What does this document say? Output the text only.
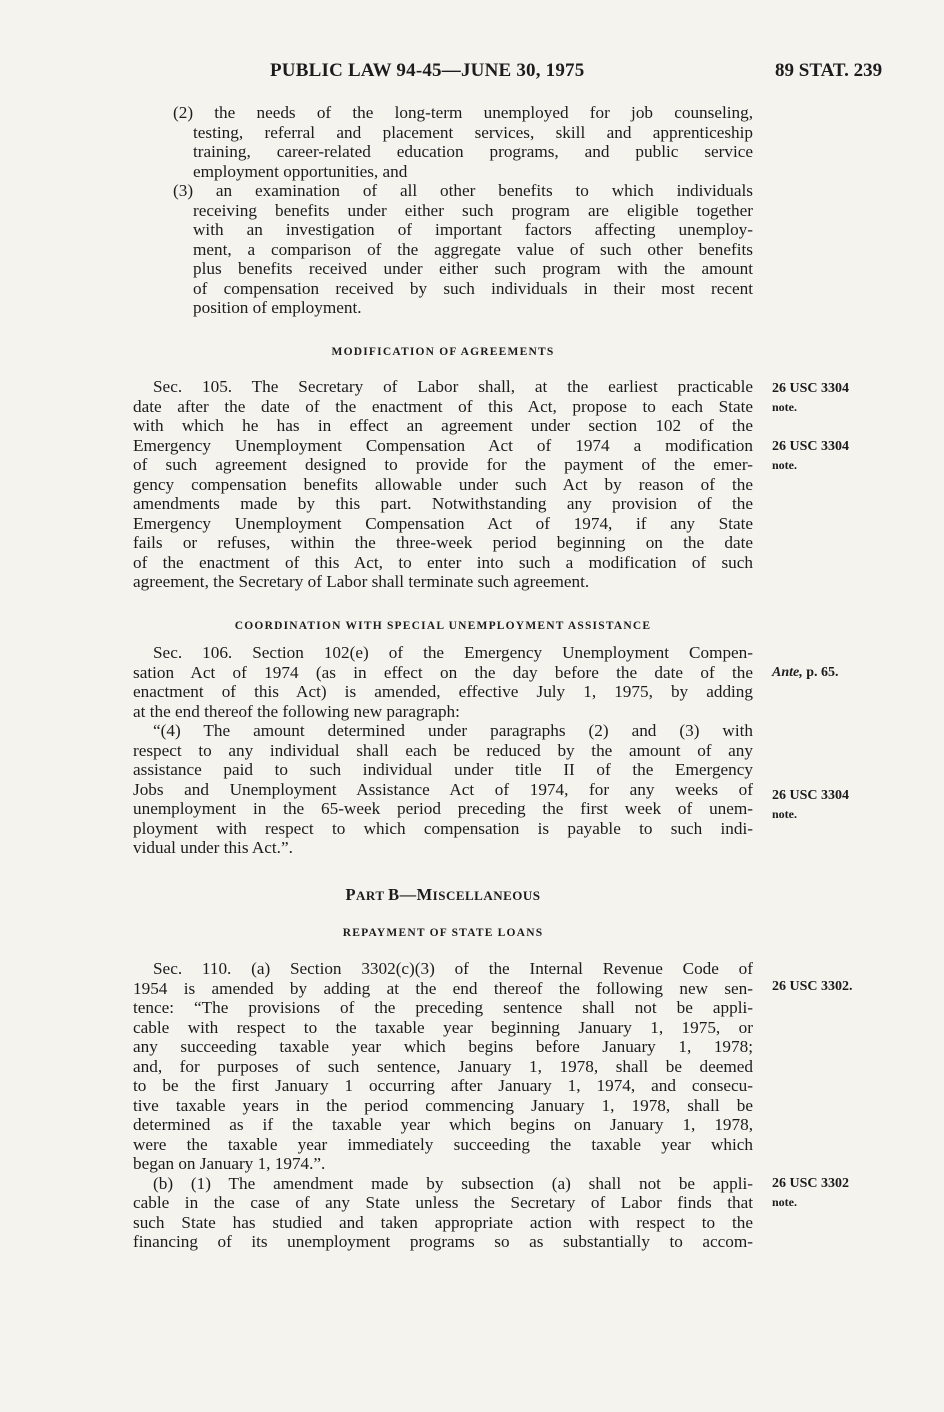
PUBLIC LAW 94-45—JUNE 30, 1975	89 STAT. 239
(2) the needs of the long-term unemployed for job counseling,
testing, referral and placement services, skill and apprenticeship
training, career-related education programs, and public service
employment opportunities, and
(3) an examination of all other benefits to which individuals
receiving benefits under either such program are eligible together
with an investigation of important factors affecting unemploy-
ment, a comparison of the aggregate value of such other benefits
plus benefits received under either such program with the amount
of compensation received by such individuals in their most recent
position of employment.
MODIFICATION OF AGREEMENTS
Sec. 105. The Secretary of Labor shall, at the earliest practicable
date after the date of the enactment of this Act, propose to each State
with which he has in effect an agreement under section 102 of the
Emergency Unemployment Compensation Act of 1974 a modification
of such agreement designed to provide for the payment of the emer-
gency compensation benefits allowable under such Act by reason of the
amendments made by this part. Notwithstanding any provision of the
Emergency Unemployment Compensation Act of 1974, if any State
fails or refuses, within the three-week period beginning on the date
of the enactment of this Act, to enter into such a modification of such
agreement, the Secretary of Labor shall terminate such agreement.
COORDINATION WITH SPECIAL UNEMPLOYMENT ASSISTANCE
Sec. 106. Section 102(e) of the Emergency Unemployment Compen-
sation Act of 1974 (as in effect on the day before the date of the
enactment of this Act) is amended, effective July 1, 1975, by adding
at the end thereof the following new paragraph:
“(4) The amount determined under paragraphs (2) and (3) with
respect to any individual shall each be reduced by the amount of any
assistance paid to such individual under title II of the Emergency
Jobs and Unemployment Assistance Act of 1974, for any weeks of
unemployment in the 65-week period preceding the first week of unem-
ployment with respect to which compensation is payable to such indi-
vidual under this Act.”.
PART B—MISCELLANEOUS
REPAYMENT OF STATE LOANS
Sec. 110. (a) Section 3302(c)(3) of the Internal Revenue Code of
1954 is amended by adding at the end thereof the following new sen-
tence: “The provisions of the preceding sentence shall not be appli-
cable with respect to the taxable year beginning January 1, 1975, or
any succeeding taxable year which begins before January 1, 1978;
and, for purposes of such sentence, January 1, 1978, shall be deemed
to be the first January 1 occurring after January 1, 1974, and consecu-
tive taxable years in the period commencing January 1, 1978, shall be
determined as if the taxable year which begins on January 1, 1978,
were the taxable year immediately succeeding the taxable year which
began on January 1, 1974.”.
(b) (1) The amendment made by subsection (a) shall not be appli-
cable in the case of any State unless the Secretary of Labor finds that
such State has studied and taken appropriate action with respect to the
financing of its unemployment programs so as substantially to accom-
26 USC 3304
note.
26 USC 3304
note.
Ante, p. 65.
26 USC 3304
note.
26 USC 3302.
26 USC 3302
note.
